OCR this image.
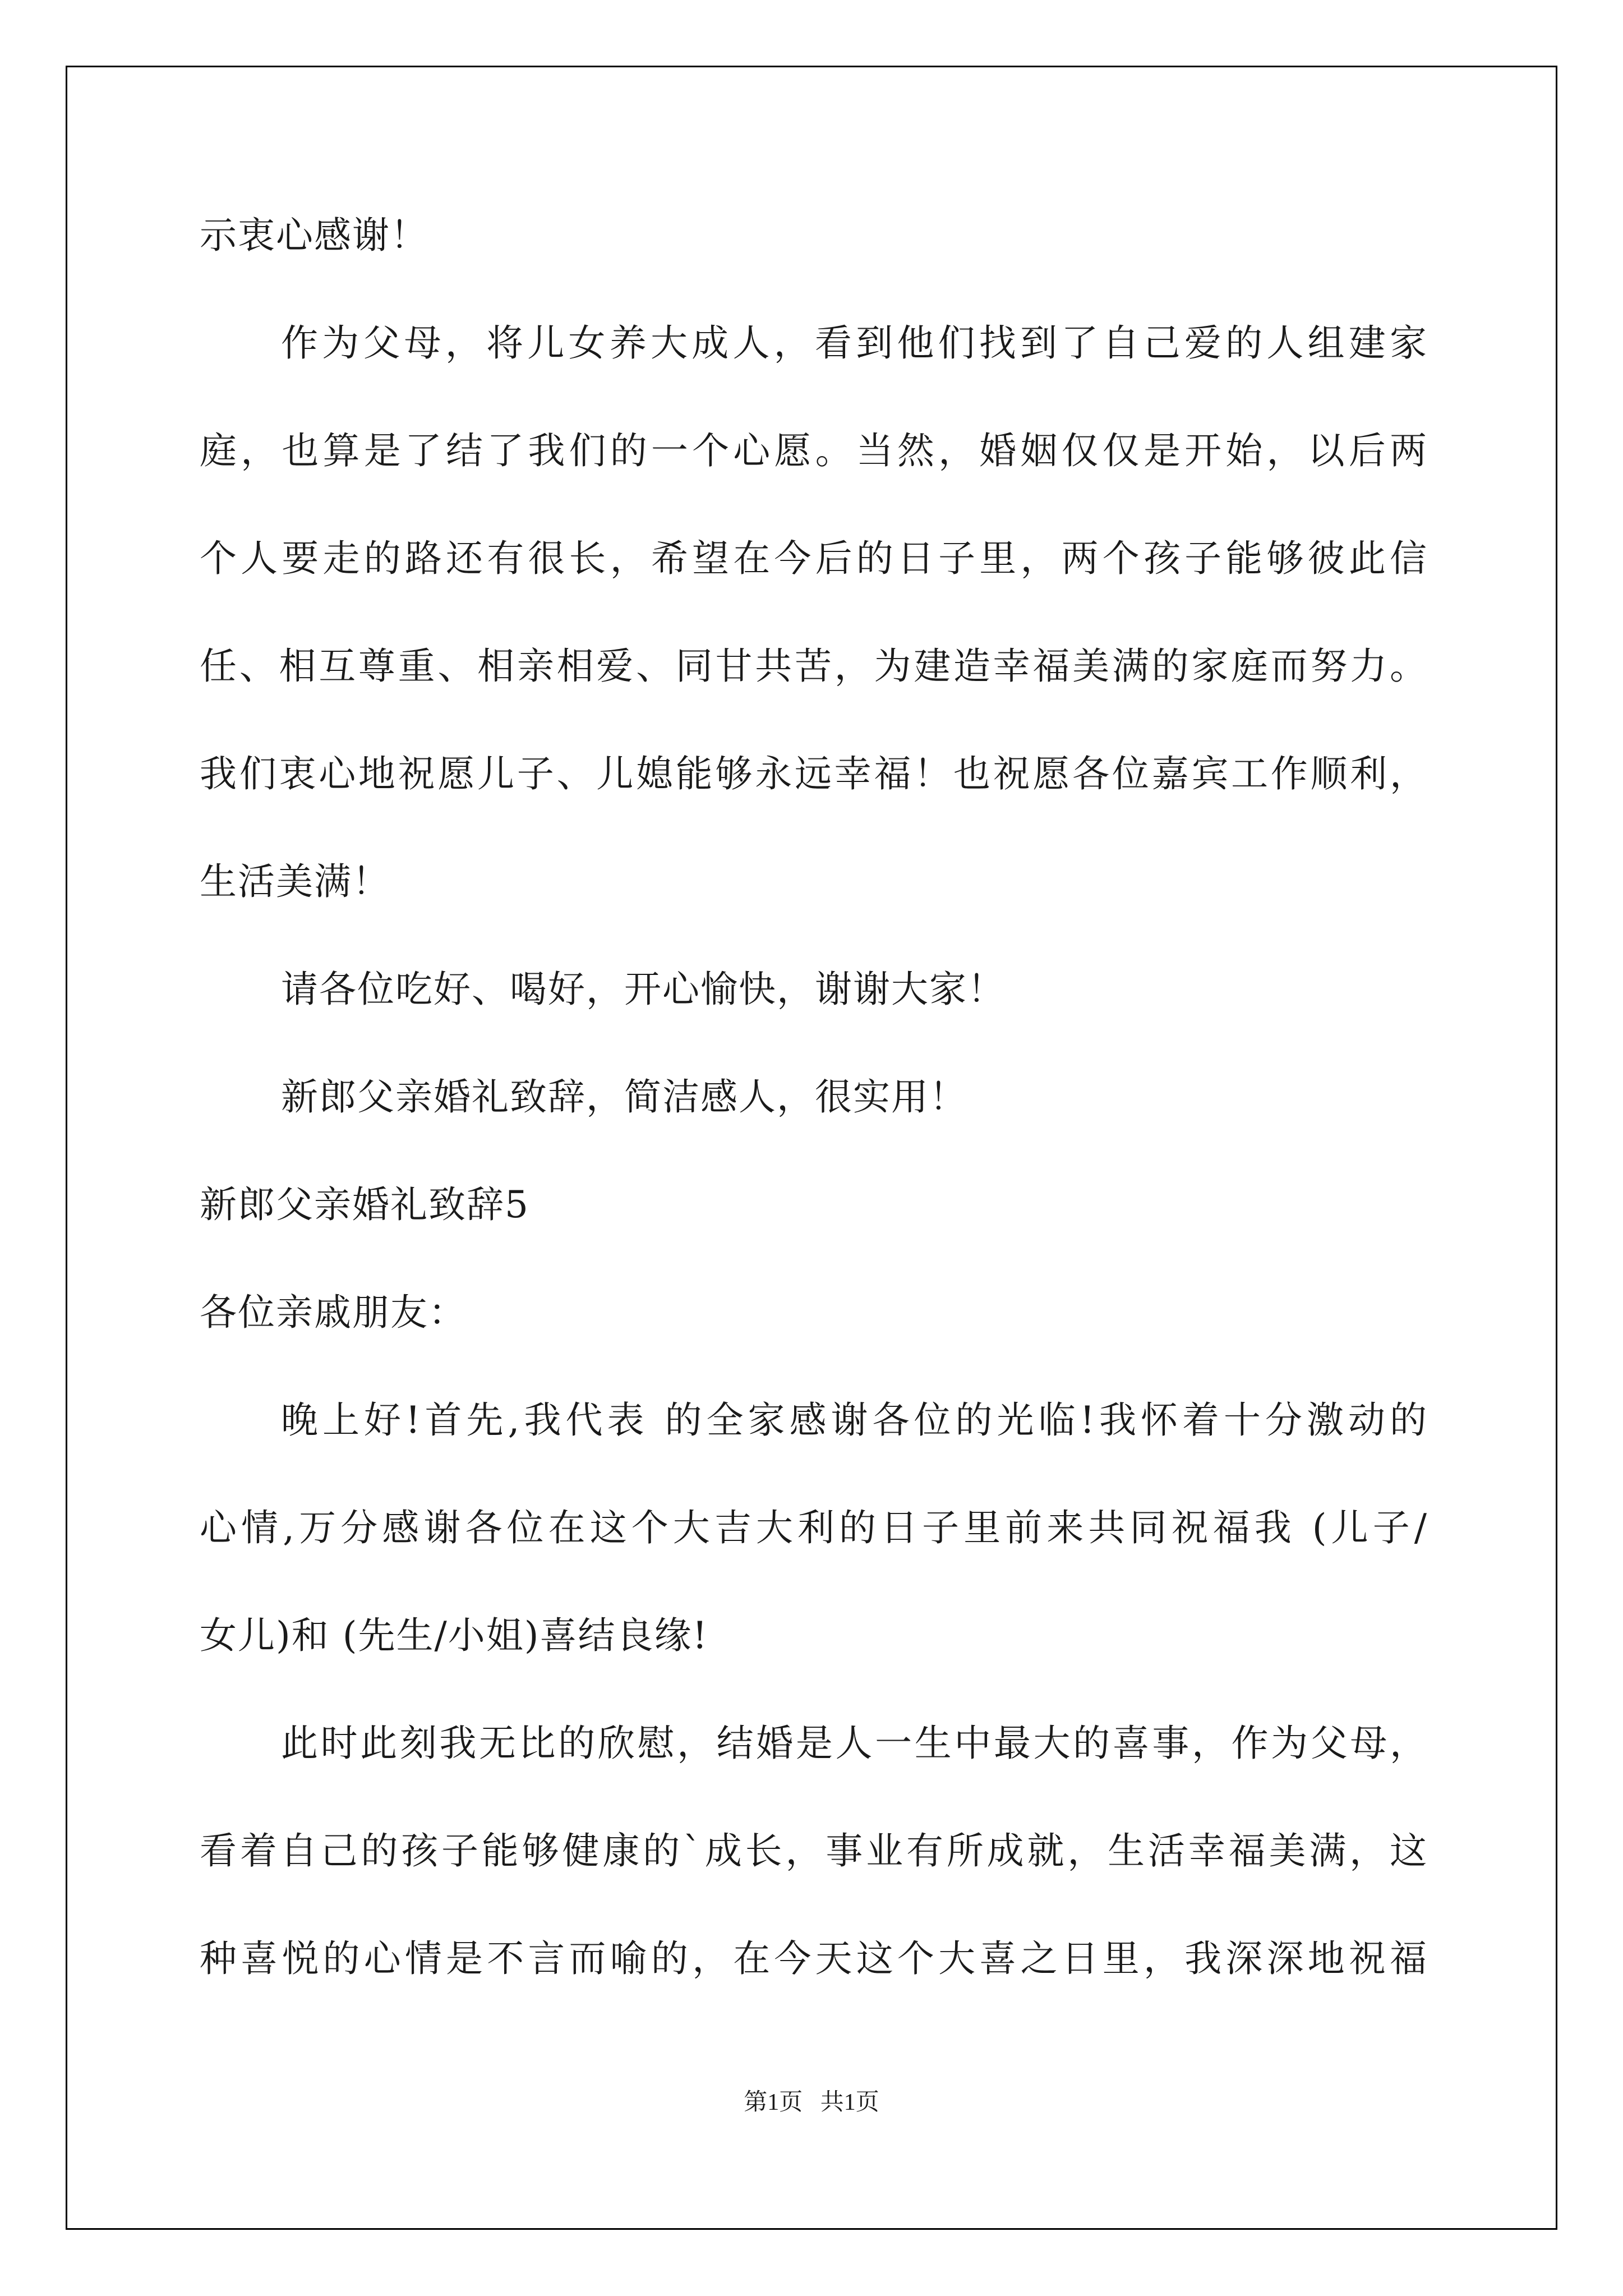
示衷心感谢！
作为父母，将儿女养大成人，看到他们找到了自己爱的人组建家
庭，也算是了结了我们的一个心愿。当然，婚姻仅仅是开始，以后两
个人要走的路还有很长，希望在今后的日子里，两个孩子能够彼此信
任、相互尊重、相亲相爱、同甘共苦，为建造幸福美满的家庭而努力。
我们衷心地祝愿儿子、儿媳能够永远幸福！也祝愿各位嘉宾工作顺利，
生活美满！
请各位吃好、喝好，开心愉快，谢谢大家！
新郎父亲婚礼致辞，简洁感人，很实用！
新郎父亲婚礼致辞5
各位亲戚朋友：
晚上好!首先,我代表 的全家感谢各位的光临!我怀着十分激动的
心情,万分感谢各位在这个大吉大利的日子里前来共同祝福我 (儿子/
女儿)和 (先生/小姐)喜结良缘!
此时此刻我无比的欣慰，结婚是人一生中最大的喜事，作为父母，
看着自己的孩子能够健康的`成长，事业有所成就，生活幸福美满，这
种喜悦的心情是不言而喻的，在今天这个大喜之日里，我深深地祝福
第1页   共1页
